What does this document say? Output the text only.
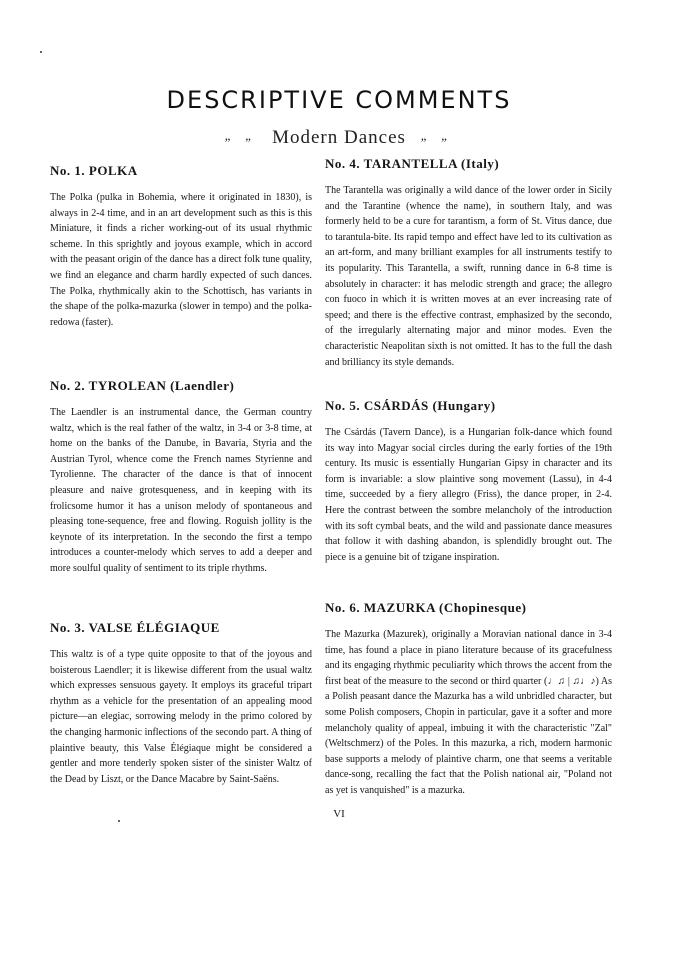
DESCRIPTIVE COMMENTS
„ „ Modern Dances „ „
No. 1. POLKA

The Polka (pulka in Bohemia, where it originated in 1830), is always in 2-4 time, and in an art development such as this is this Miniature, it finds a richer working-out of its usual rhythmic scheme. In this sprightly and joyous example, which in accord with the peasant origin of the dance has a direct folk tune quality, we find an elegance and charm hardly expected of such dances. The Polka, rhythmically akin to the Schottisch, has variants in the shape of the polka-mazurka (slower in tempo) and the polka-redowa (faster).

No. 2. TYROLEAN (Laendler)

The Laendler is an instrumental dance, the German country waltz, which is the real father of the waltz, in 3-4 or 3-8 time, at home on the banks of the Danube, in Bavaria, Styria and the Austrian Tyrol, whence come the French names Styrienne and Tyrolienne. The character of the dance is that of innocent pleasure and naive grotesqueness, and in keeping with its frolicsome humor it has a unison melody of spontaneous and pleasing tone-sequence, free and flowing. Roguish jollity is the keynote of its interpretation. In the secondo the first a tempo introduces a counter-melody which serves to add a deeper and more soulful quality of sentiment to its triple rhythms.

No. 3. VALSE ÉLÉGIAQUE

This waltz is of a type quite opposite to that of the joyous and boisterous Laendler; it is likewise different from the usual waltz which expresses sensuous gayety. It employs its graceful tripart rhythm as a vehicle for the presentation of an appealing mood picture—an elegiac, sorrowing melody in the primo colored by the changing harmonic inflections of the secondo part. A thing of plaintive beauty, this Valse Élégiaque might be considered a gentler and more tenderly spoken sister of the sinister Waltz of the Dead by Liszt, or the Dance Macabre by Saint-Saëns.

No. 4. TARANTELLA (Italy)

The Tarantella was originally a wild dance of the lower order in Sicily and the Tarantine (whence the name), in southern Italy, and was formerly held to be a cure for tarantism, a form of St. Vitus dance, due to tarantula-bite. Its rapid tempo and effect have led to its cultivation as an art-form, and many brilliant examples for all instruments testify to its popularity. This Tarantella, a swift, running dance in 6-8 time is absolutely in character: it has melodic strength and grace; the allegro con fuoco in which it is written moves at an ever increasing rate of speed; and there is the effective contrast, emphasized by the secondo, of the irregularly alternating major and minor modes. Even the characteristic Neapolitan sixth is not omitted. It has to the full the dash and brilliancy its style demands.

No. 5. CSÁRDÁS (Hungary)

The Csárdás (Tavern Dance), is a Hungarian folk-dance which found its way into Magyar social circles during the early forties of the 19th century. Its music is essentially Hungarian Gipsy in character and its form is invariable: a slow plaintive song movement (Lassu), in 4-4 time, succeeded by a fiery allegro (Friss), the dance proper, in 2-4. Here the contrast between the sombre melancholy of the introduction with its soft cymbal beats, and the wild and passionate dance measures that follow it with dashing abandon, is splendidly brought out. The piece is a genuine bit of tzigane inspiration.

No. 6. MAZURKA (Chopinesque)

The Mazurka (Mazurek), originally a Moravian national dance in 3-4 time, has found a place in piano literature because of its gracefulness and its engaging rhythmic peculiarity which throws the accent from the first beat of the measure to the second or third quarter (♩♫ | ♫♩♪) As a Polish peasant dance the Mazurka has a wild unbridled character, but some Polish composers, Chopin in particular, gave it a softer and more melancholy quality of appeal, imbuing it with the characteristic "Zal" (Weltschmerz) of the Poles. In this mazurka, a rich, modern harmonic base supports a melody of plaintive charm, one that seems a veritable dance-song, recalling the fact that the Polish national air, "Poland not as yet is vanquished" is a mazurka.

VI
